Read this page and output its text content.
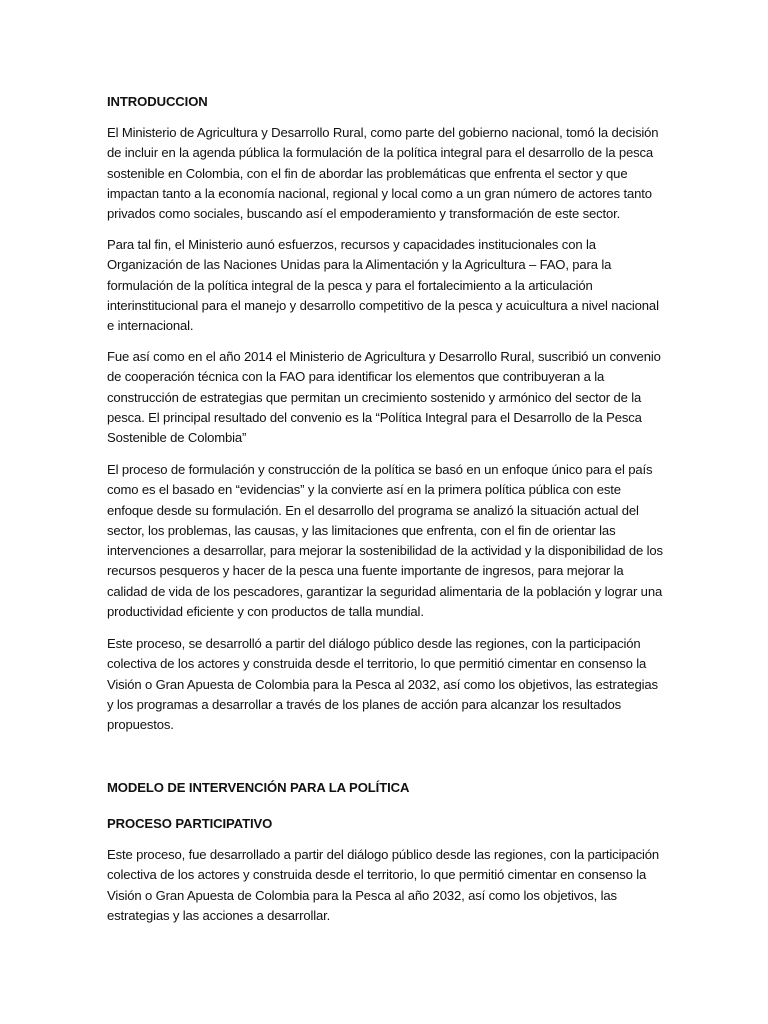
INTRODUCCION

El Ministerio de Agricultura y Desarrollo Rural, como parte del gobierno nacional, tomó la decisión de incluir en la agenda pública la formulación de la política integral para el desarrollo de la pesca sostenible en Colombia, con el fin de abordar las problemáticas que enfrenta el sector y que impactan tanto a la economía nacional, regional y local como a un gran número de actores tanto privados como sociales, buscando así el empoderamiento y transformación de este sector.

Para tal fin, el Ministerio aunó esfuerzos, recursos y capacidades institucionales con la Organización de las Naciones Unidas para la Alimentación y la Agricultura – FAO, para la formulación de la política integral de la pesca y para el fortalecimiento a la articulación interinstitucional para el manejo y desarrollo competitivo de la pesca y acuicultura a nivel nacional e internacional.

Fue así como en el año 2014 el Ministerio de Agricultura y Desarrollo Rural, suscribió un convenio de cooperación técnica con la FAO para identificar los elementos que contribuyeran a la construcción de estrategias que permitan un crecimiento sostenido y armónico del sector de la pesca. El principal resultado del convenio es la “Política Integral para el Desarrollo de la Pesca Sostenible de Colombia”

El proceso de formulación y construcción de la política se basó en un enfoque único para el país como es el basado en “evidencias” y la convierte así en la primera política pública con este enfoque desde su formulación. En el desarrollo del programa se analizó la situación actual del sector, los problemas, las causas, y las limitaciones que enfrenta, con el fin de orientar las intervenciones a desarrollar, para mejorar la sostenibilidad de la actividad y la disponibilidad de los recursos pesqueros y hacer de la pesca una fuente importante de ingresos, para mejorar la calidad de vida de los pescadores, garantizar la seguridad alimentaria de la población y lograr una productividad eficiente y con productos de talla mundial.

Este proceso, se desarrolló a partir del diálogo público desde las regiones, con la participación colectiva de los actores y construida desde el territorio, lo que permitió cimentar en consenso la Visión o Gran Apuesta de Colombia para la Pesca al 2032, así como los objetivos, las estrategias y los programas a desarrollar a través de los planes de acción para alcanzar los resultados propuestos.

MODELO DE INTERVENCIÓN PARA LA POLÍTICA

PROCESO PARTICIPATIVO

Este proceso, fue desarrollado a partir del diálogo público desde las regiones, con la participación colectiva de los actores y construida desde el territorio, lo que permitió cimentar en consenso la Visión o Gran Apuesta de Colombia para la Pesca al año 2032, así como los objetivos, las estrategias y las acciones a desarrollar.
